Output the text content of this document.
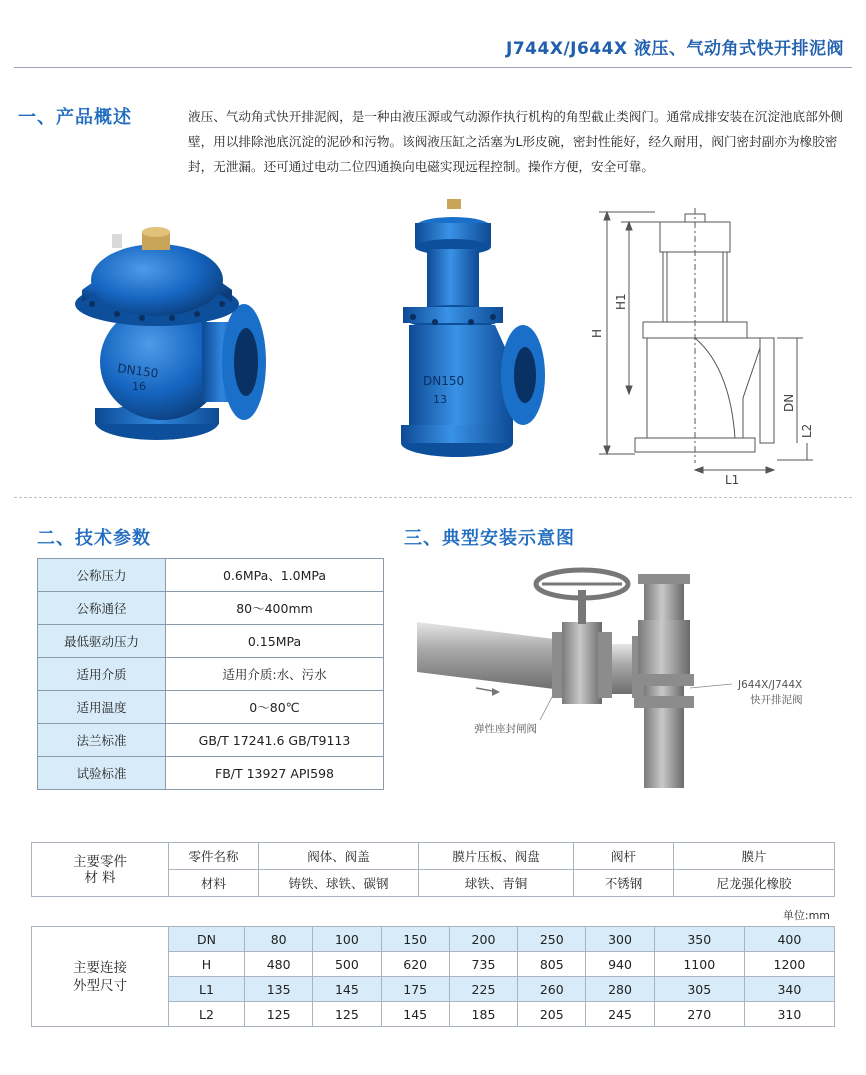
J744X/J644X 液压、气动角式快开排泥阀
一、产品概述	液压、气动角式快开排泥阀，是一种由液压源或气动源作执行机构的角型截止类阀门。通常成排安装在沉淀池底部外侧壁，用以排除池底沉淀的泥砂和污物。该阀液压缸之活塞为L形皮碗，密封性能好，经久耐用，阀门密封副亦为橡胶密封，无泄漏。还可通过电动二位四通换向电磁实现远程控制。操作方便，安全可靠。
DN150
16	DN150
13
H
H1
DN
L2
L1
二、技术参数
公称压力	0.6MPa、1.0MPa
公称通径	80～400mm
最低驱动压力	0.15MPa
适用介质	适用介质:水、污水
适用温度	0～80℃
法兰标准	GB/T 17241.6 GB/T9113
试验标准	FB/T 13927 API598
三、典型安装示意图
弹性座封闸阀
J644X/J744X
快开排泥阀
主要零件
材 料	零件名称	阀体、阀盖	膜片压板、阀盘	阀杆	膜片
	材料	铸铁、球铁、碳钢	球铁、青铜	不锈钢	尼龙强化橡胶
单位:mm
主要连接
外型尺寸	DN	80	100	150	200	250	300	350	400
	H	480	500	620	735	805	940	1100	1200
	L1	135	145	175	225	260	280	305	340
	L2	125	125	145	185	205	245	270	310
